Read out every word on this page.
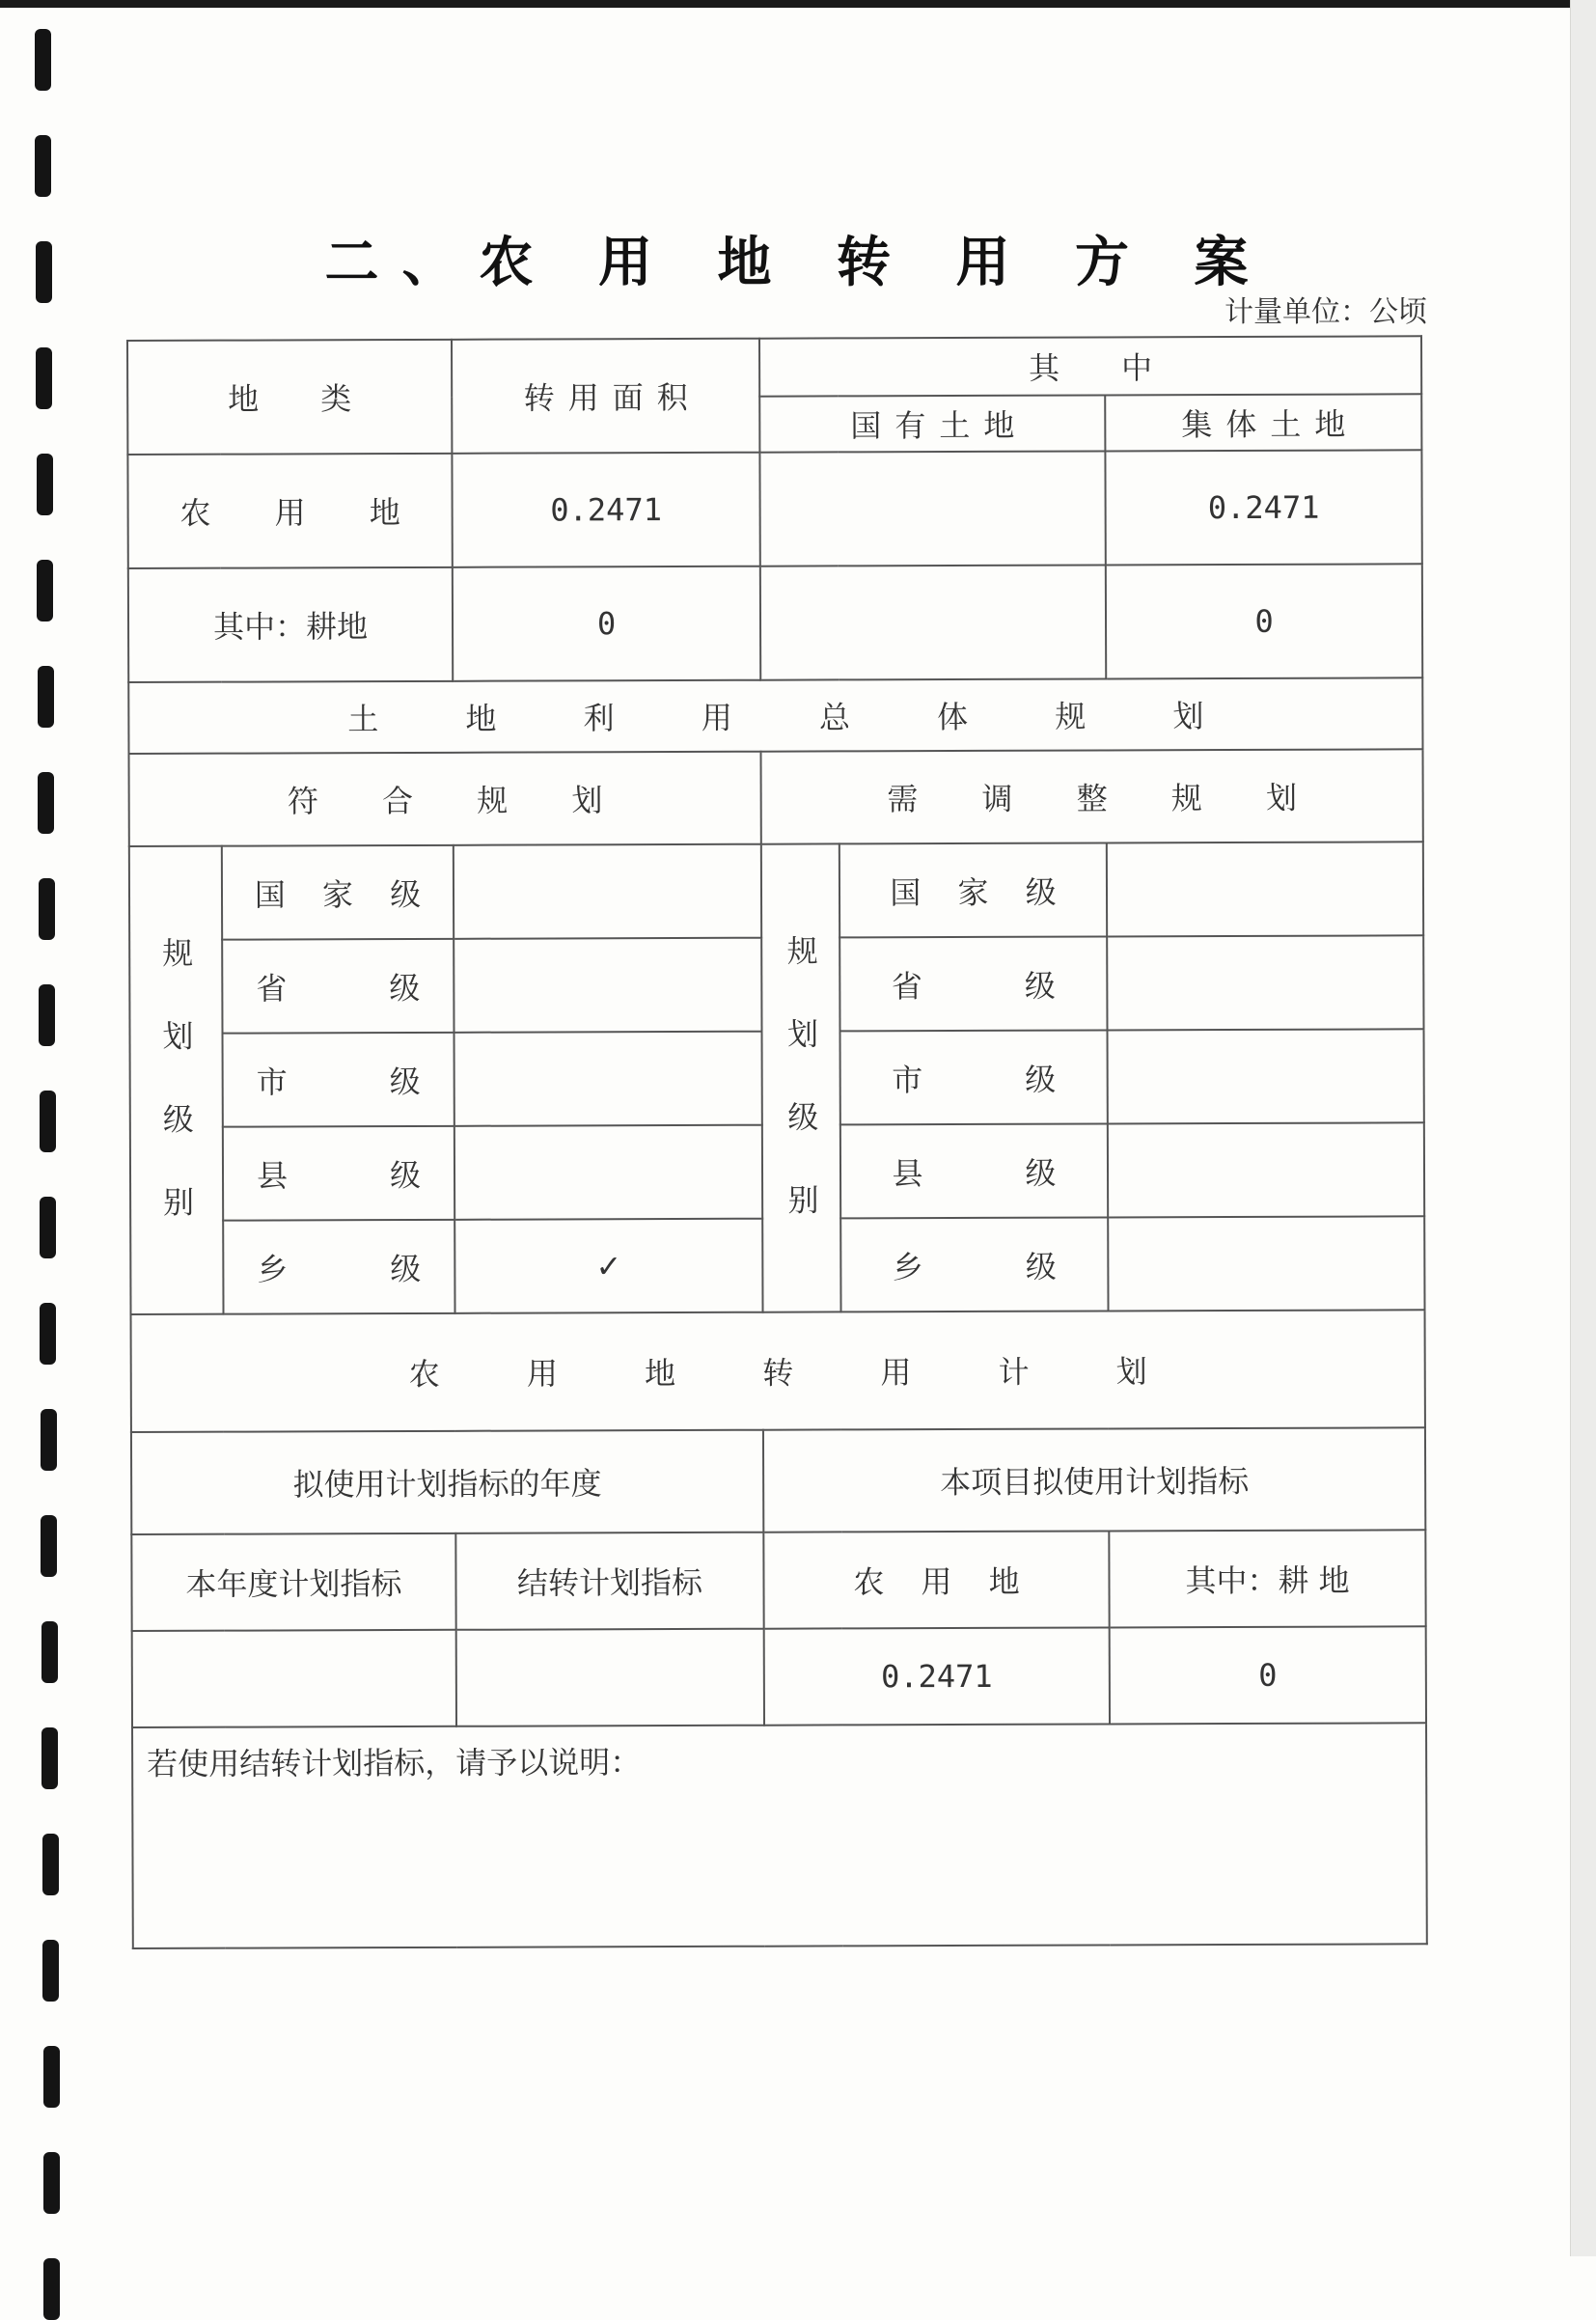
二、农 用 地 转 用 方 案
计量单位：公顷
地　　类		转用面积	其　　中		
			国有土地		集体土地
农 用 地		0.2471			0.2471
其中：耕地		0			0
土 地 利 用 总 体 规 划					
符 合 规 划			需 调 整 规 划		
规划级别	国 家 级		规划级别	国 家 级	
	省　　级			省　　级	
	市　　级			市　　级	
	县　　级			县　　级	
	乡　　级	✓		乡　　级	
农 用 地 转 用 计 划					
拟使用计划指标的年度			本项目拟使用计划指标		
本年度计划指标		结转计划指标	农 用 地		其中：耕 地
			0.2471		0
若使用结转计划指标，请予以说明：					
